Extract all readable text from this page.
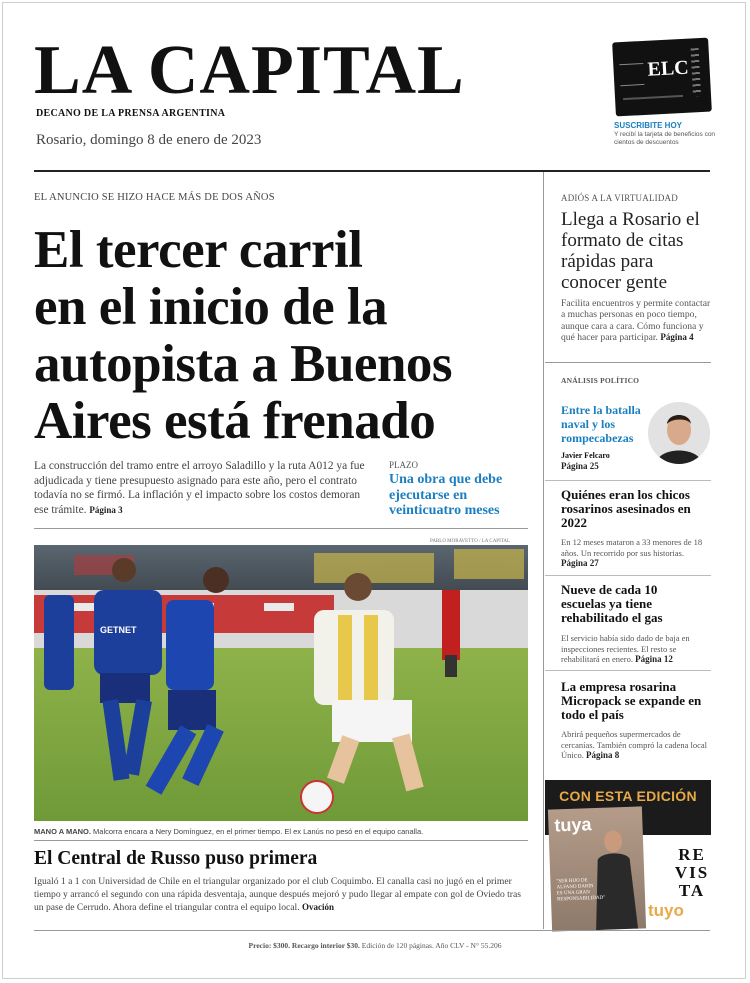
LA CAPITAL
DECANO DE LA PRENSA ARGENTINA
Rosario, domingo 8 de enero de 2023
ELC
SUSCRIBITE HOY
Y recibí la tarjeta de beneficios con cientos de descuentos
EL ANUNCIO SE HIZO HACE MÁS DE DOS AÑOS
El tercer carril
en el inicio de la
autopista a Buenos
Aires está frenado
La construcción del tramo entre el arroyo Saladillo y la ruta A012 ya fue adjudicada y tiene presupuesto asignado para este año, pero el contrato todavía no se firmó. La inflación y el impacto sobre los costos demoran ese trámite. Página 3
PLAZO
Una obra que debe ejecutarse en veinticuatro meses
PABLO MORAVETTO / LA CAPITAL
GETNET
MANO A MANO. Malcorra encara a Nery Domínguez, en el primer tiempo. El ex Lanús no pesó en el equipo canalla.
El Central de Russo puso primera
Igualó 1 a 1 con Universidad de Chile en el triangular organizado por el club Coquimbo. El canalla casi no jugó en el primer tiempo y arrancó el segundo con una rápida desventaja, aunque después mejoró y pudo llegar al empate con gol de Oviedo tras un pase de Cerrudo. Ahora define el triangular contra el equipo local. Ovación
ADIÓS A LA VIRTUALIDAD
Llega a Rosario el formato de citas rápidas para conocer gente
Facilita encuentros y permite contactar a muchas personas en poco tiempo, aunque cara a cara. Cómo funciona y qué hacer para participar. Página 4
ANÁLISIS POLÍTICO
Entre la batalla naval y los rompecabezas
Javier Felcaro
Página 25
Quiénes eran los chicos rosarinos asesinados en 2022
En 12 meses mataron a 33 menores de 18 años. Un recorrido por sus historias. Página 27
Nueve de cada 10 escuelas ya tiene rehabilitado el gas
El servicio había sido dado de baja en inspecciones recientes. El resto se rehabilitará en enero. Página 12
La empresa rosarina Micropack se expande en todo el país
Abrirá pequeños supermercados de cercanías. También compró la cadena local Único. Página 8
CON ESTA EDICIÓN
tuya
"SER HIJO DE ALFANO DARÍN ES UNA GRAN RESPONSABILIDAD"
RE
VIS
TA
tuyo
Precio: $300. Recargo interior $30. Edición de 120 páginas. Año CLV - N° 55.206
